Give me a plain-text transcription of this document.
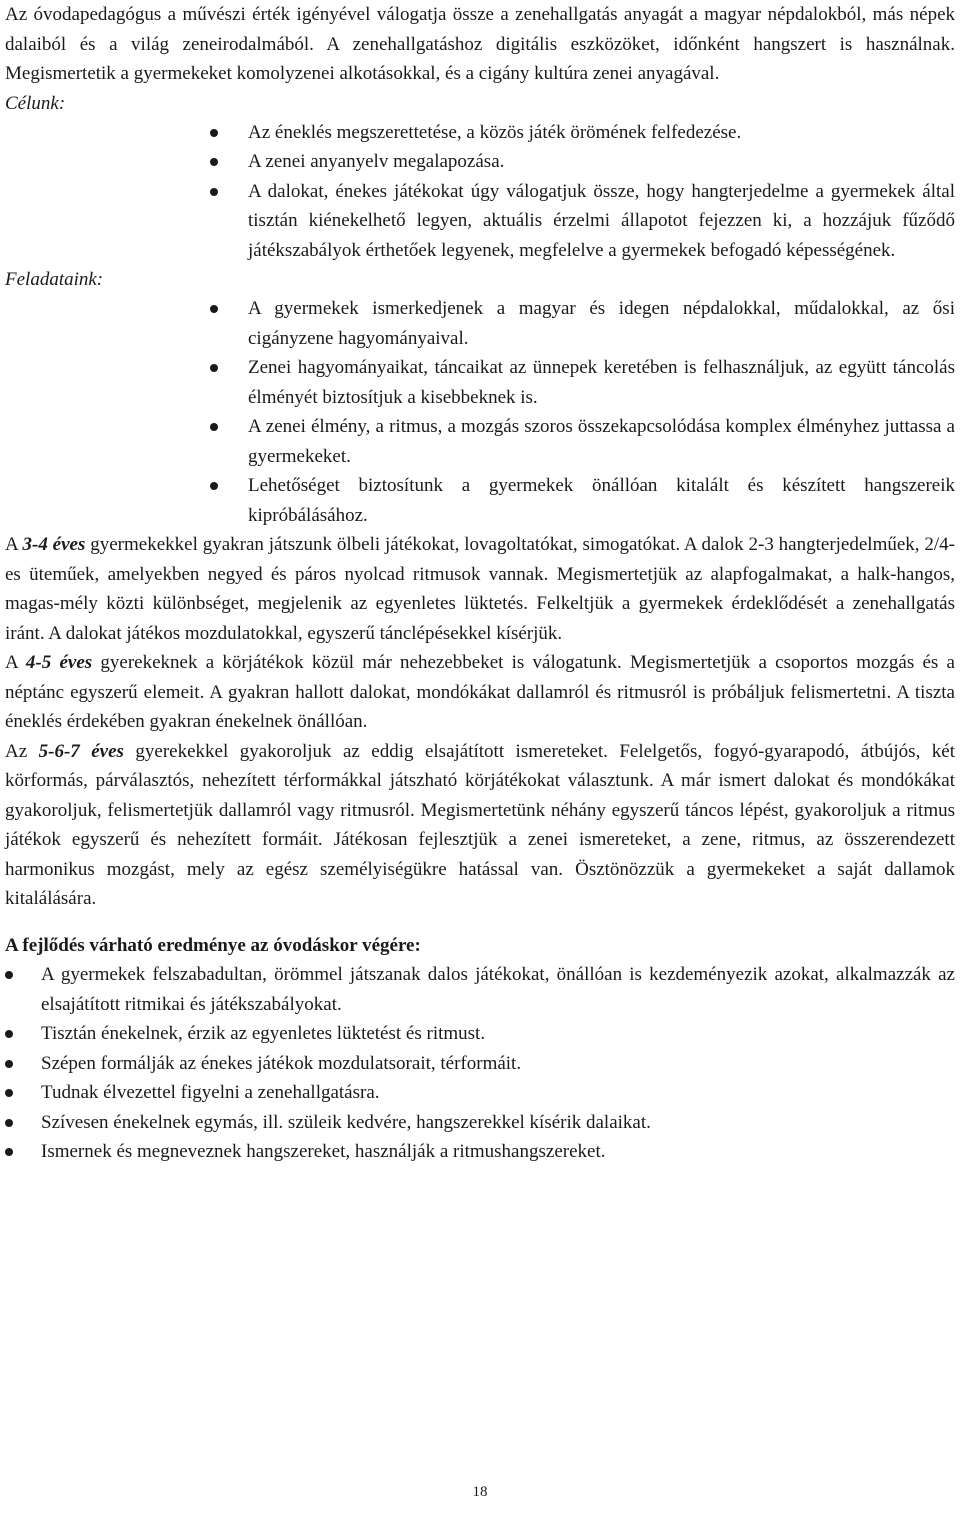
Az óvodapedagógus a művészi érték igényével válogatja össze a zenehallgatás anyagát a magyar népdalokból, más népek dalaiból és a világ zeneirodalmából. A zenehallgatáshoz digitális eszközöket, időnként hangszert is használnak. Megismertetik a gyermekeket komolyzenei alkotásokkal, és a cigány kultúra zenei anyagával.

Célunk:
Az éneklés megszerettetése, a közös játék örömének felfedezése.
A zenei anyanyelv megalapozása.
A dalokat, énekes játékokat úgy válogatjuk össze, hogy hangterjedelme a gyermekek által tisztán kiénekelhető legyen, aktuális érzelmi állapotot fejezzen ki, a hozzájuk fűződő játékszabályok érthetőek legyenek, megfelelve a gyermekek befogadó képességének.
Feladataink:
A gyermekek ismerkedjenek a magyar és idegen népdalokkal, műdalokkal, az ősi cigányzene hagyományaival.
Zenei hagyományaikat, táncaikat az ünnepek keretében is felhasználjuk, az együtt táncolás élményét biztosítjuk a kisebbeknek is.
A zenei élmény, a ritmus, a mozgás szoros összekapcsolódása komplex élményhez juttassa a gyermekeket.
Lehetőséget biztosítunk a gyermekek önállóan kitalált és készített hangszereik kipróbálásához.

A 3-4 éves gyermekekkel gyakran játszunk ölbeli játékokat, lovagoltatókat, simogatókat. A dalok 2-3 hangterjedelműek, 2/4-es üteműek, amelyekben negyed és páros nyolcad ritmusok vannak. Megismertetjük az alapfogalmakat, a halk-hangos, magas-mély közti különbséget, megjelenik az egyenletes lüktetés. Felkeltjük a gyermekek érdeklődését a zenehallgatás iránt. A dalokat játékos mozdulatokkal, egyszerű tánclépésekkel kísérjük.

A 4-5 éves gyerekeknek a körjátékok közül már nehezebbeket is válogatunk. Megismertetjük a csoportos mozgás és a néptánc egyszerű elemeit. A gyakran hallott dalokat, mondókákat dallamról és ritmusról is próbáljuk felismertetni. A tiszta éneklés érdekében gyakran énekelnek önállóan.

Az 5-6-7 éves gyerekekkel gyakoroljuk az eddig elsajátított ismereteket. Felelgetős, fogyó-gyarapodó, átbújós, két körformás, párválasztós, nehezített térformákkal játszható körjátékokat választunk. A már ismert dalokat és mondókákat gyakoroljuk, felismertetjük dallamról vagy ritmusról. Megismertetünk néhány egyszerű táncos lépést, gyakoroljuk a ritmus játékok egyszerű és nehezített formáit. Játékosan fejlesztjük a zenei ismereteket, a zene, ritmus, az összerendezett harmonikus mozgást, mely az egész személyiségükre hatással van. Ösztönözzük a gyermekeket a saját dallamok kitalálására.

A fejlődés várható eredménye az óvodáskor végére:

A gyermekek felszabadultan, örömmel játszanak dalos játékokat, önállóan is kezdeményezik azokat, alkalmazzák az elsajátított ritmikai és játékszabályokat.
Tisztán énekelnek, érzik az egyenletes lüktetést és ritmust.
Szépen formálják az énekes játékok mozdulatsorait, térformáit.
Tudnak élvezettel figyelni a zenehallgatásra.
Szívesen énekelnek egymás, ill. szüleik kedvére, hangszerekkel kísérik dalaikat.
Ismernek és megneveznek hangszereket, használják a ritmushangszereket.
18
